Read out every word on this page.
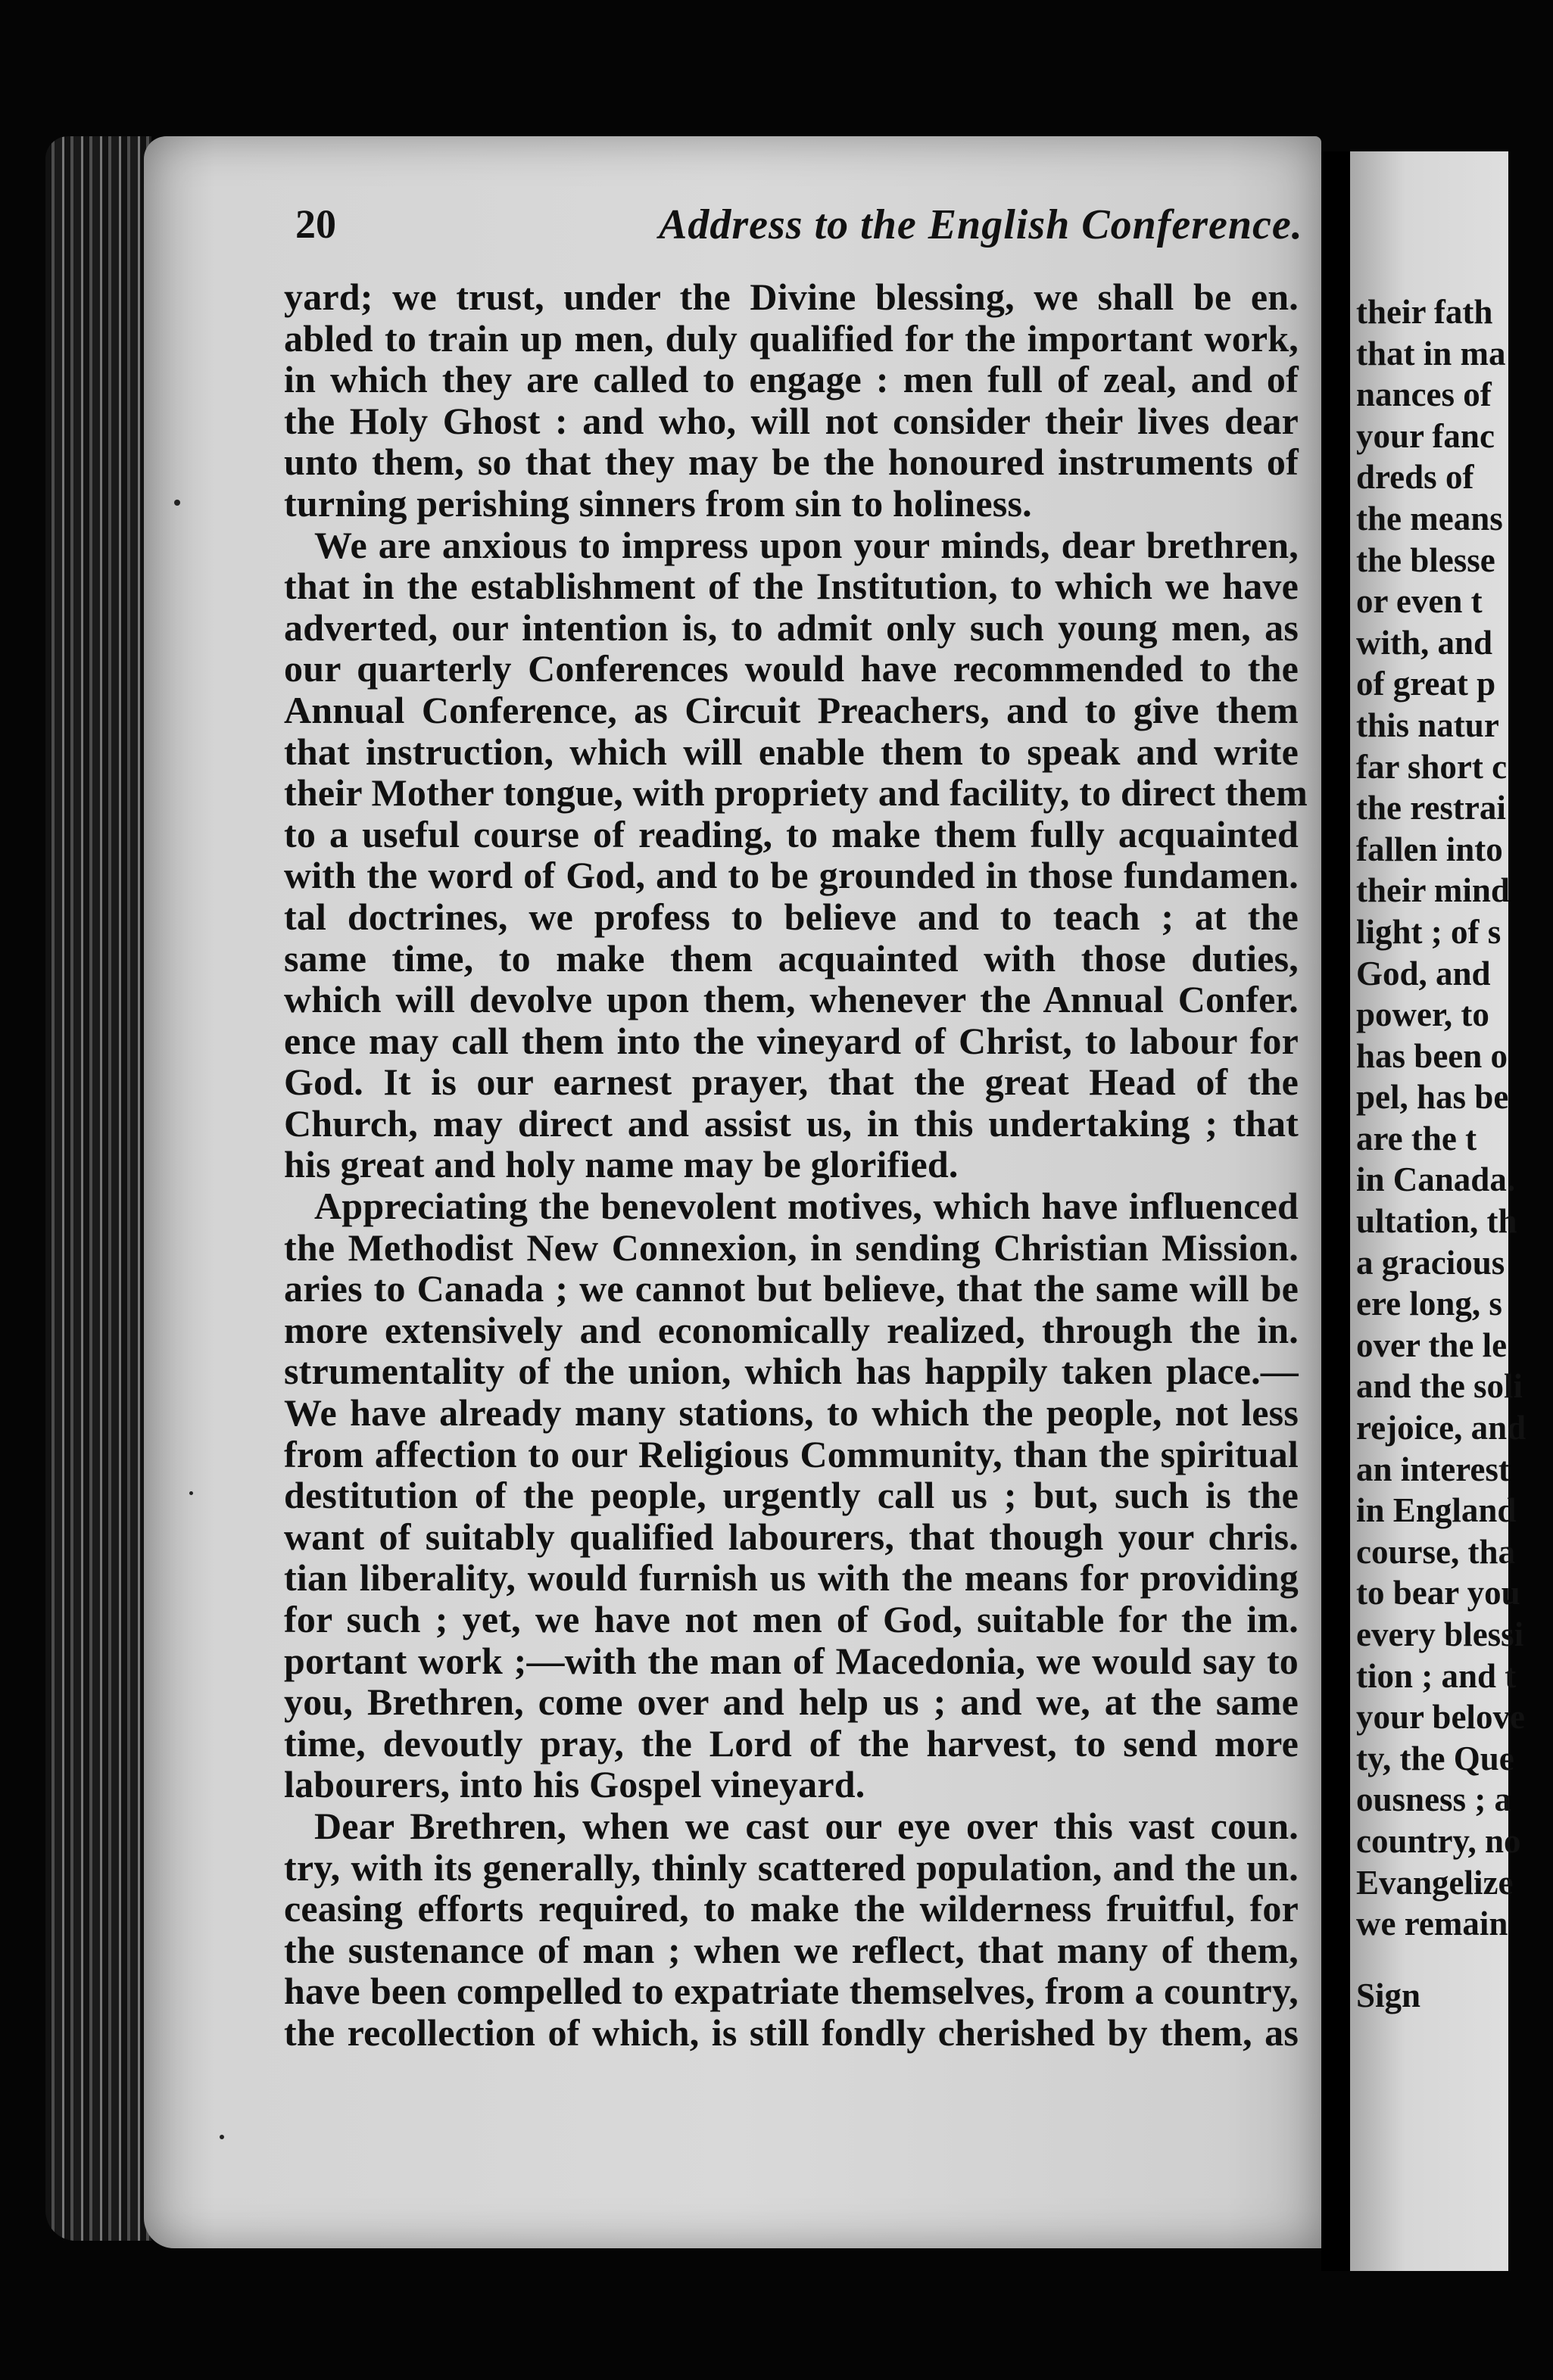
20	Address to the English Conference.
yard; we trust, under the Divine blessing, we shall be en.
abled to train up men, duly qualified for the important work,
in which they are called to engage : men full of zeal, and of
the Holy Ghost : and who, will not consider their lives dear
unto them, so that they may be the honoured instruments of
turning perishing sinners from sin to holiness.
We are anxious to impress upon your minds, dear brethren,
that in the establishment of the Institution, to which we have
adverted, our intention is, to admit only such young men, as
our quarterly Conferences would have recommended to the
Annual Conference, as Circuit Preachers, and to give them
that instruction, which will enable them to speak and write
their Mother tongue, with propriety and facility, to direct them
to a useful course of reading, to make them fully acquainted
with the word of God, and to be grounded in those fundamen.
tal doctrines, we profess to believe and to teach ; at the
same time, to make them acquainted with those duties,
which will devolve upon them, whenever the Annual Confer.
ence may call them into the vineyard of Christ, to labour for
God. It is our earnest prayer, that the great Head of the
Church, may direct and assist us, in this undertaking ; that
his great and holy name may be glorified.
Appreciating the benevolent motives, which have influenced
the Methodist New Connexion, in sending Christian Mission.
aries to Canada ; we cannot but believe, that the same will be
more extensively and economically realized, through the in.
strumentality of the union, which has happily taken place.—
We have already many stations, to which the people, not less
from affection to our Religious Community, than the spiritual
destitution of the people, urgently call us ; but, such is the
want of suitably qualified labourers, that though your chris.
tian liberality, would furnish us with the means for providing
for such ; yet, we have not men of God, suitable for the im.
portant work ;—with the man of Macedonia, we would say to
you, Brethren, come over and help us ; and we, at the same
time, devoutly pray, the Lord of the harvest, to send more
labourers, into his Gospel vineyard.
Dear Brethren, when we cast our eye over this vast coun.
try, with its generally, thinly scattered population, and the un.
ceasing efforts required, to make the wilderness fruitful, for
the sustenance of man ; when we reflect, that many of them,
have been compelled to expatriate themselves, from a country,
the recollection of which, is still fondly cherished by them, as
their fath
that in ma
nances of
your fanc
dreds of
the means
the blesse
or even t
with, and
of great p
this natur
far short c
the restrai
fallen into
their mind
light ; of s
God, and
power, to
has been o
pel, has be
are the t
in Canada.
ultation, th
a gracious
ere long, s
over the le
and the soli
rejoice, and
an interest
in England
course, tha
to bear you
every blessi
tion ; and t
your belove
ty, the Que
ousness ; a
country, no
Evangelize
we remain
Sign
